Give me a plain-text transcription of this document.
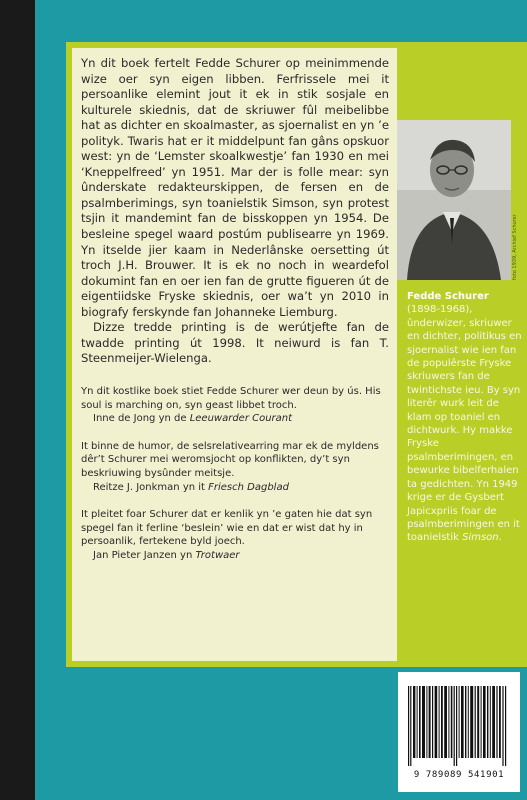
Yn dit boek fertelt Fedde Schurer op meinimmende wize oer syn eigen libben. Ferfrissele mei it persoanlike elemint jout it ek in stik sosjale en kulturele skiednis, dat de skriuwer fûl meibelibbe hat as dichter en skoalmaster, as sjoernalist en yn ’e polityk. Twaris hat er it middelpunt fan gâns opskuor west: yn de ‘Lemster skoalkwestje’ fan 1930 en mei ‘Kneppelfreed’ yn 1951. Mar der is folle mear: syn ûnderskate redakteurskippen, de fersen en de psalmberimings, syn toanielstik Simson, syn protest tsjin it mandemint fan de bisskoppen yn 1954. De besleine spegel waard postúm publisearre yn 1969. Yn itselde jier kaam in Nederlânske oersetting út troch J.H. Brouwer. It is ek no noch in weardefol dokumint fan en oer ien fan de grutte figueren út de eigentiidske Fryske skiednis, oer wa’t yn 2010 in biografy ferskynde fan Johanneke Liemburg.

Dizze tredde printing is de werútjefte fan de twadde printing út 1998. It neiwurd is fan T. Steenmeijer-Wielenga.

Yn dit kostlike boek stiet Fedde Schurer wer deun by ús. His soul is marching on, syn geast libbet troch.
Inne de Jong yn de Leeuwarder Courant
It binne de humor, de selsrelativearring mar ek de myldens dêr’t Schurer mei weromsjocht op konflikten, dy’t syn beskriuwing bysûnder meitsje.
Reitze J. Jonkman yn it Friesch Dagblad
It pleitet foar Schurer dat er kenlik yn ’e gaten hie dat syn spegel fan it ferline ‘beslein’ wie en dat er wist dat hy in persoanlik, fertekene byld joech.
Jan Pieter Janzen yn Trotwaer
foto 1939, Archief Schurer
Fedde Schurer (1898-1968), ûnderwizer, skriuwer en dichter, politikus en sjoernalist wie ien fan de populêrste Fryske skriuwers fan de twintichste ieu. By syn literêr wurk leit de klam op toaniel en dichtwurk. Hy makke Fryske psalmberimingen, en bewurke bibelferhalen ta gedichten. Yn 1949 krige er de Gysbert Japicxpriis foar de psalmberimingen en it toanielstik Simson.
9 789089 541901
